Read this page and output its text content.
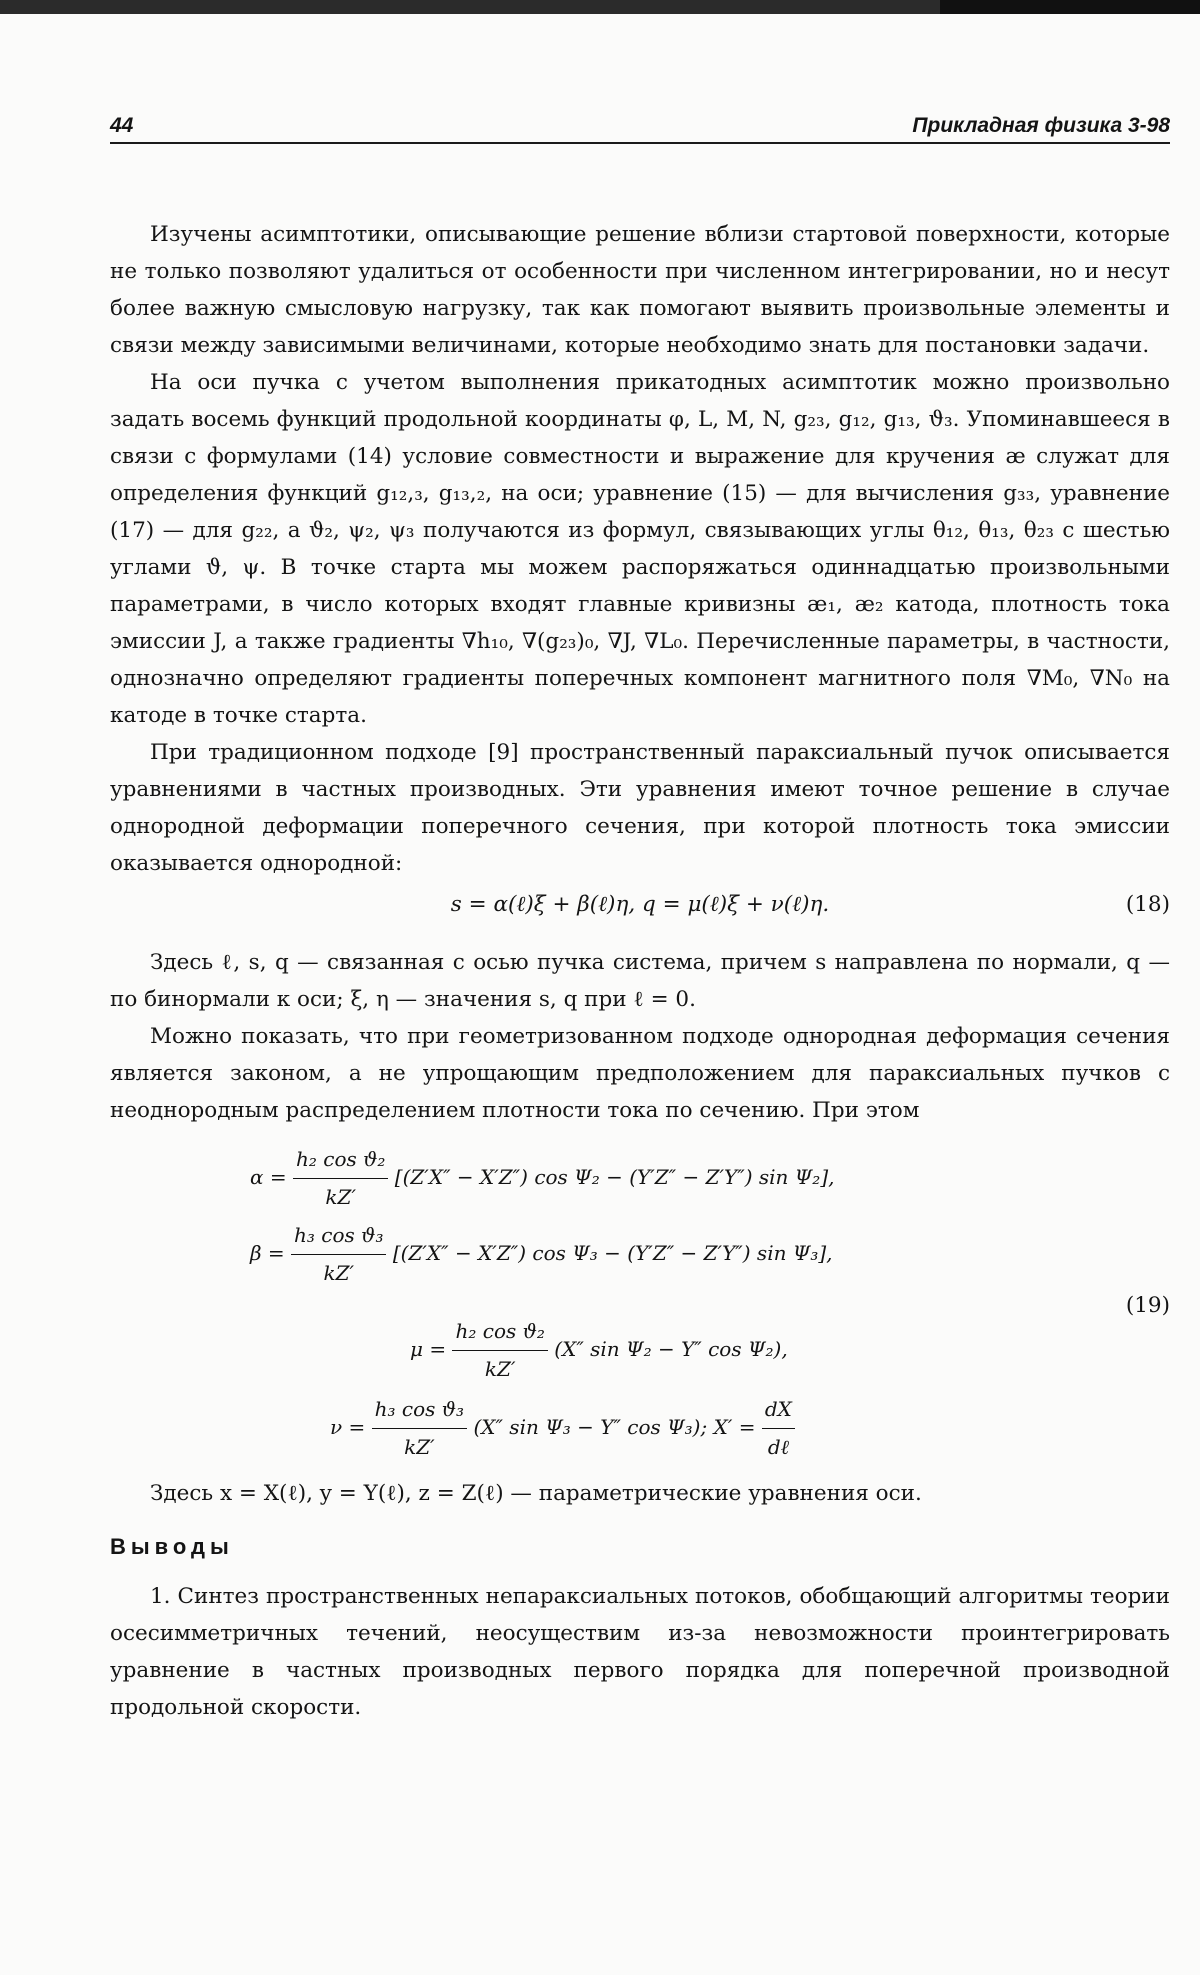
44	Прикладная физика 3-98

Изучены асимптотики, описывающие решение вблизи стартовой поверхности, которые не только позволяют удалиться от особенности при численном интегрировании, но и несут более важную смысловую нагрузку, так как помогают выявить произвольные элементы и связи между зависимыми величинами, которые необходимо знать для постановки задачи.

На оси пучка с учетом выполнения прикатодных асимптотик можно произвольно задать восемь функций продольной координаты φ, L, M, N, g₂₃, g₁₂, g₁₃, ϑ₃. Упоминавшееся в связи с формулами (14) условие совместности и выражение для кручения æ служат для определения функций g₁₂,₃, g₁₃,₂, на оси; уравнение (15) — для вычисления g₃₃, уравнение (17) — для g₂₂, а ϑ₂, ψ₂, ψ₃ получаются из формул, связывающих углы θ₁₂, θ₁₃, θ₂₃ с шестью углами ϑ, ψ. В точке старта мы можем распоряжаться одиннадцатью произвольными параметрами, в число которых входят главные кривизны æ₁, æ₂ катода, плотность тока эмиссии J, а также градиенты ∇h₁₀, ∇(g₂₃)₀, ∇J, ∇L₀. Перечисленные параметры, в частности, однозначно определяют градиенты поперечных компонент магнитного поля ∇M₀, ∇N₀ на катоде в точке старта.

При традиционном подходе [9] пространственный параксиальный пучок описывается уравнениями в частных производных. Эти уравнения имеют точное решение в случае однородной деформации поперечного сечения, при которой плотность тока эмиссии оказывается однородной:

s = α(ℓ)ξ + β(ℓ)η, q = μ(ℓ)ξ + ν(ℓ)η.	(18)

Здесь ℓ, s, q — связанная с осью пучка система, причем s направлена по нормали, q — по бинормали к оси; ξ, η — значения s, q при ℓ = 0.

Можно показать, что при геометризованном подходе однородная деформация сечения является законом, а не упрощающим предположением для параксиальных пучков с неоднородным распределением плотности тока по сечению. При этом

$\alpha = \frac{\text{h₂ cos ϑ₂}}{kZ'} [(Z'X'' - X'Z'')$ cos Ψ₂ − (Y′Z″ − Z′Y″) sin Ψ₂],
$\beta = \frac{\text{h₃ cos ϑ₃}}{kZ'} [(Z'X'' - X'Z'')$ cos Ψ₃ − (Y′Z″ − Z′Y″) sin Ψ₃],
(19)
$\mu = \frac{\text{h₂ cos ϑ₂}}{kZ'} (X''$ sin Ψ₂ − Y″ cos Ψ₂),
$\nu = \frac{\text{h₃ cos ϑ₃}}{kZ'} (X''$ sin Ψ₃ − Y″ cos Ψ₃); $X' = \frac{dX}{\text{dℓ}}$

Здесь x = X(ℓ), y = Y(ℓ), z = Z(ℓ) — параметрические уравнения оси.

Выводы

1. Синтез пространственных непараксиальных потоков, обобщающий алгоритмы теории осесимметричных течений, неосуществим из-за невозможности проинтегрировать уравнение в частных производных первого порядка для поперечной производной продольной скорости.
